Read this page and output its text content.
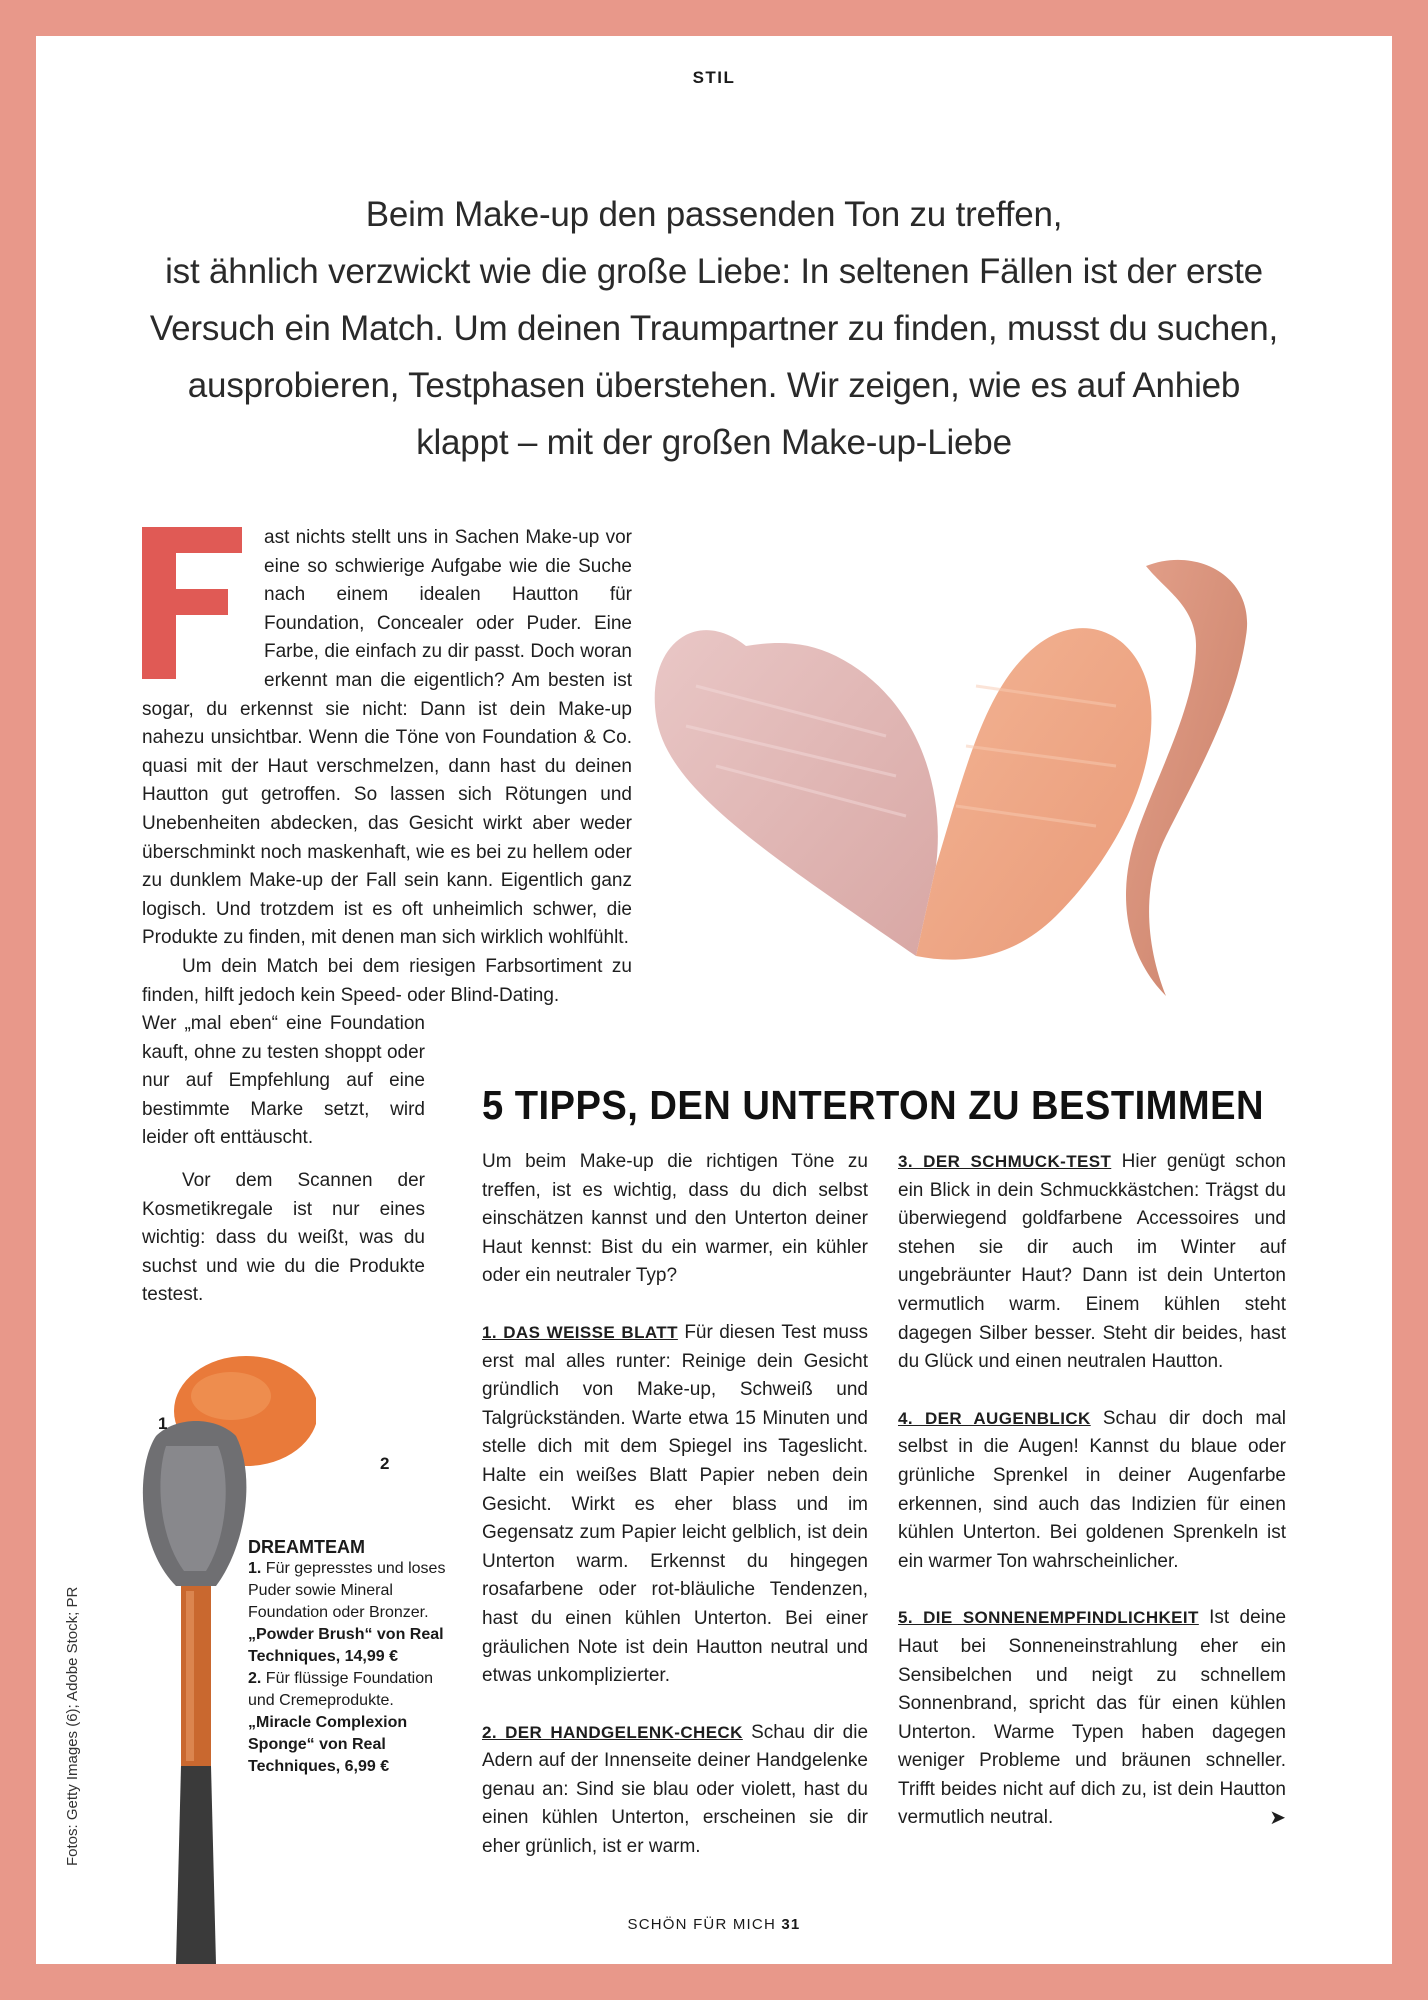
STIL
Beim Make-up den passenden Ton zu treffen,
ist ähnlich verzwickt wie die große Liebe: In seltenen Fällen ist der erste
Versuch ein Match. Um deinen Traumpartner zu finden, musst du suchen,
ausprobieren, Testphasen überstehen. Wir zeigen, wie es auf Anhieb
klappt – mit der großen Make-up-Liebe

ast nichts stellt uns in Sachen Make-up vor eine so schwierige Aufgabe wie die Suche nach einem idealen Hautton für Foundation, Concealer oder Puder. Eine Farbe, die einfach zu dir passt. Doch woran erkennt man die eigentlich? Am besten ist sogar, du erkennst sie nicht: Dann ist dein Make-up nahezu unsichtbar. Wenn die Töne von Foundation & Co. quasi mit der Haut verschmelzen, dann hast du deinen Hautton gut getroffen. So lassen sich Rötungen und Unebenheiten abdecken, das Gesicht wirkt aber weder überschminkt noch maskenhaft, wie es bei zu hellem oder zu dunklem Make-up der Fall sein kann. Eigentlich ganz logisch. Und trotzdem ist es oft unheimlich schwer, die Produkte zu finden, mit denen man sich wirklich wohlfühlt.

Um dein Match bei dem riesigen Farbsortiment zu finden, hilft jedoch kein Speed- oder Blind-Dating.

Wer „mal eben“ eine Foundation kauft, ohne zu testen shoppt oder nur auf Empfehlung auf eine bestimmte Marke setzt, wird leider oft enttäuscht.

Vor dem Scannen der Kosmetikregale ist nur eines wichtig: dass du weißt, was du suchst und wie du die Produkte testest.

5 TIPPS, DEN UNTERTON ZU BESTIMMEN

Um beim Make-up die richtigen Töne zu treffen, ist es wichtig, dass du dich selbst einschätzen kannst und den Unterton deiner Haut kennst: Bist du ein warmer, ein kühler oder ein neutraler Typ?

1. DAS WEISSE BLATT Für diesen Test muss erst mal alles runter: Reinige dein Gesicht gründlich von Make-up, Schweiß und Talgrückständen. Warte etwa 15 Minuten und stelle dich mit dem Spiegel ins Tageslicht. Halte ein weißes Blatt Papier neben dein Gesicht. Wirkt es eher blass und im Gegensatz zum Papier leicht gelblich, ist dein Unterton warm. Erkennst du hingegen rosafarbene oder rot-bläuliche Tendenzen, hast du einen kühlen Unterton. Bei einer gräulichen Note ist dein Hautton neutral und etwas unkomplizierter.

2. DER HANDGELENK-CHECK Schau dir die Adern auf der Innenseite deiner Handgelenke genau an: Sind sie blau oder violett, hast du einen kühlen Unterton, erscheinen sie dir eher grünlich, ist er warm.

3. DER SCHMUCK-TEST Hier genügt schon ein Blick in dein Schmuckkästchen: Trägst du überwiegend goldfarbene Accessoires und stehen sie dir auch im Winter auf ungebräunter Haut? Dann ist dein Unterton vermutlich warm. Einem kühlen steht dagegen Silber besser. Steht dir beides, hast du Glück und einen neutralen Hautton.

4. DER AUGENBLICK Schau dir doch mal selbst in die Augen! Kannst du blaue oder grünliche Sprenkel in deiner Augenfarbe erkennen, sind auch das Indizien für einen kühlen Unterton. Bei goldenen Sprenkeln ist ein warmer Ton wahrscheinlicher.

5. DIE SONNENEMPFINDLICHKEIT Ist deine Haut bei Sonneneinstrahlung eher ein Sensibelchen und neigt zu schnellem Sonnenbrand, spricht das für einen kühlen Unterton. Warme Typen haben dagegen weniger Probleme und bräunen schneller. Trifft beides nicht auf dich zu, ist dein Hautton vermutlich neutral.	➤

1
2
DREAMTEAM
1. Für gepresstes und loses Puder sowie Mineral Foundation oder Bronzer. „Powder Brush“ von Real Techniques, 14,99 €
2. Für flüssige Foundation und Cremeprodukte. „Miracle Complexion Sponge“ von Real Techniques, 6,99 €
Fotos: Getty Images (6); Adobe Stock; PR
SCHÖN FÜR MICH 31
